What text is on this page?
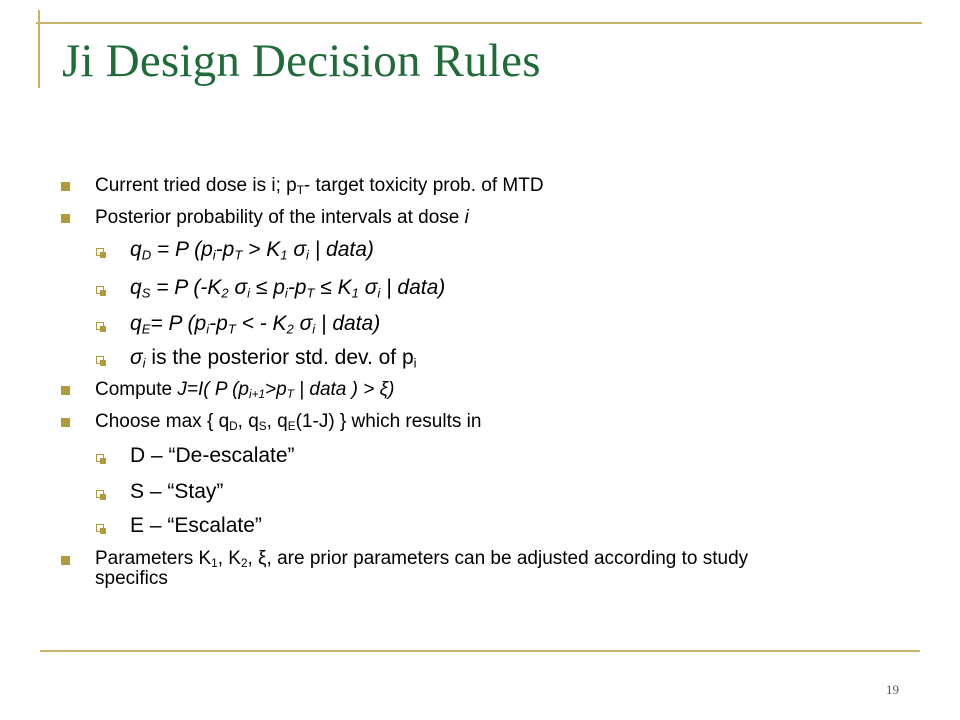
Ji Design Decision Rules
Current tried dose is i; $p_T-$ target toxicity prob. of MTD
Posterior probability of the intervals at dose i
$q_D = P$ ($p_i-p_T > K_1$ $\sigma_i$ | data)
$q_S = P$ ($-K_2$ $\sigma_i \le p_i-p_T \le K_1$ $\sigma_i$ | data)
$q_E= P$ ($p_i-p_T$ < - $K_2$ $\sigma_i$ | data)
$\sigma_i$ is the posterior std. dev. of $p_i$
Compute J=I( P ($p_{i+1}>p_T$ | data ) > ξ)
Choose max { $q_D$, $q_S$, $q_E(1-J)$ } which results in
D – “De-escalate”
S – “Stay”
E – “Escalate”
Parameters $K_1$, $K_2$, ξ, are prior parameters can be adjusted according to study specifics
19
